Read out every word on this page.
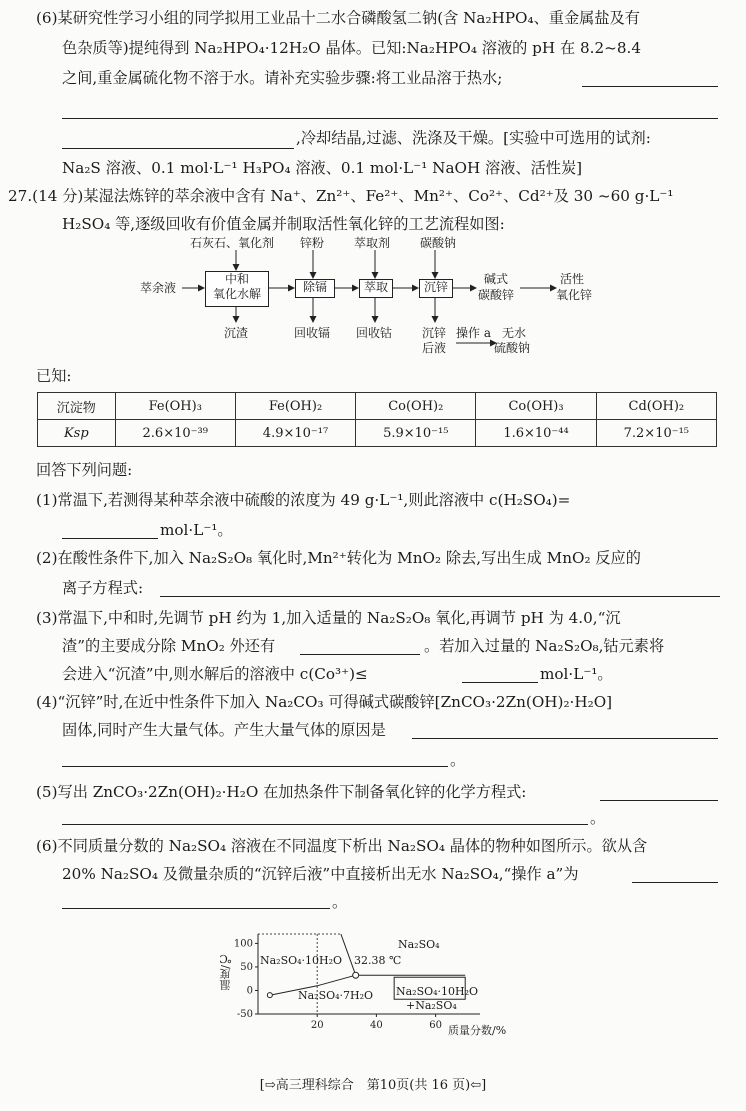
(6)某研究性学习小组的同学拟用工业品十二水合磷酸氢二钠(含 Na₂HPO₄、重金属盐及有
色杂质等)提纯得到 Na₂HPO₄·12H₂O 晶体。已知:Na₂HPO₄ 溶液的 pH 在 8.2~8.4
之间,重金属硫化物不溶于水。请补充实验步骤:将工业品溶于热水;
,冷却结晶,过滤、洗涤及干燥。[实验中可选用的试剂:
Na₂S 溶液、0.1 mol·L⁻¹ H₃PO₄ 溶液、0.1 mol·L⁻¹ NaOH 溶液、活性炭]
27.(14 分)某湿法炼锌的萃余液中含有 Na⁺、Zn²⁺、Fe²⁺、Mn²⁺、Co²⁺、Cd²⁺及 30 ~60 g·L⁻¹
H₂SO₄ 等,逐级回收有价值金属并制取活性氧化锌的工艺流程如图:
石灰石、氧化剂 锌粉 萃取剂 碳酸钠
萃余液
中和
氧化水解	除镉	萃取	沉锌
碱式
碳酸锌
活性
氧化锌
沉渣	回收镉 回收钴 沉锌
后液
操作 a 无水
硫酸钠
已知:
沉淀物	Fe(OH)₃	Fe(OH)₂	Co(OH)₂	Co(OH)₃	Cd(OH)₂
Ksp	2.6×10⁻³⁹	4.9×10⁻¹⁷	5.9×10⁻¹⁵	1.6×10⁻⁴⁴	7.2×10⁻¹⁵
回答下列问题:
(1)常温下,若测得某种萃余液中硫酸的浓度为 49 g·L⁻¹,则此溶液中 c(H₂SO₄)=
mol·L⁻¹。
(2)在酸性条件下,加入 Na₂S₂O₈ 氧化时,Mn²⁺转化为 MnO₂ 除去,写出生成 MnO₂ 反应的
离子方程式:
(3)常温下,中和时,先调节 pH 约为 1,加入适量的 Na₂S₂O₈ 氧化,再调节 pH 为 4.0,“沉
渣”的主要成分除 MnO₂ 外还有	。若加入过量的 Na₂S₂O₈,钴元素将
会进入“沉渣”中,则水解后的溶液中 c(Co³⁺)≤	mol·L⁻¹。
(4)“沉锌”时,在近中性条件下加入 Na₂CO₃ 可得碱式碳酸锌[ZnCO₃·2Zn(OH)₂·H₂O]
固体,同时产生大量气体。产生大量气体的原因是
。
(5)写出 ZnCO₃·2Zn(OH)₂·H₂O 在加热条件下制备氧化锌的化学方程式:
。
(6)不同质量分数的 Na₂SO₄ 溶液在不同温度下析出 Na₂SO₄ 晶体的物种如图所示。欲从含
20% Na₂SO₄ 及微量杂质的“沉锌后液”中直接析出无水 Na₂SO₄,“操作 a”为
。
100
50
0
-50
20	40	60
温度/℃
质量分数/%
32.38 ℃
Na₂SO₄
Na₂SO₄·10H₂O
Na₂SO₄·7H₂O Na₂SO₄·10H₂O
+Na₂SO₄
[⇨高三理科综合　第10页(共 16 页)⇦]
